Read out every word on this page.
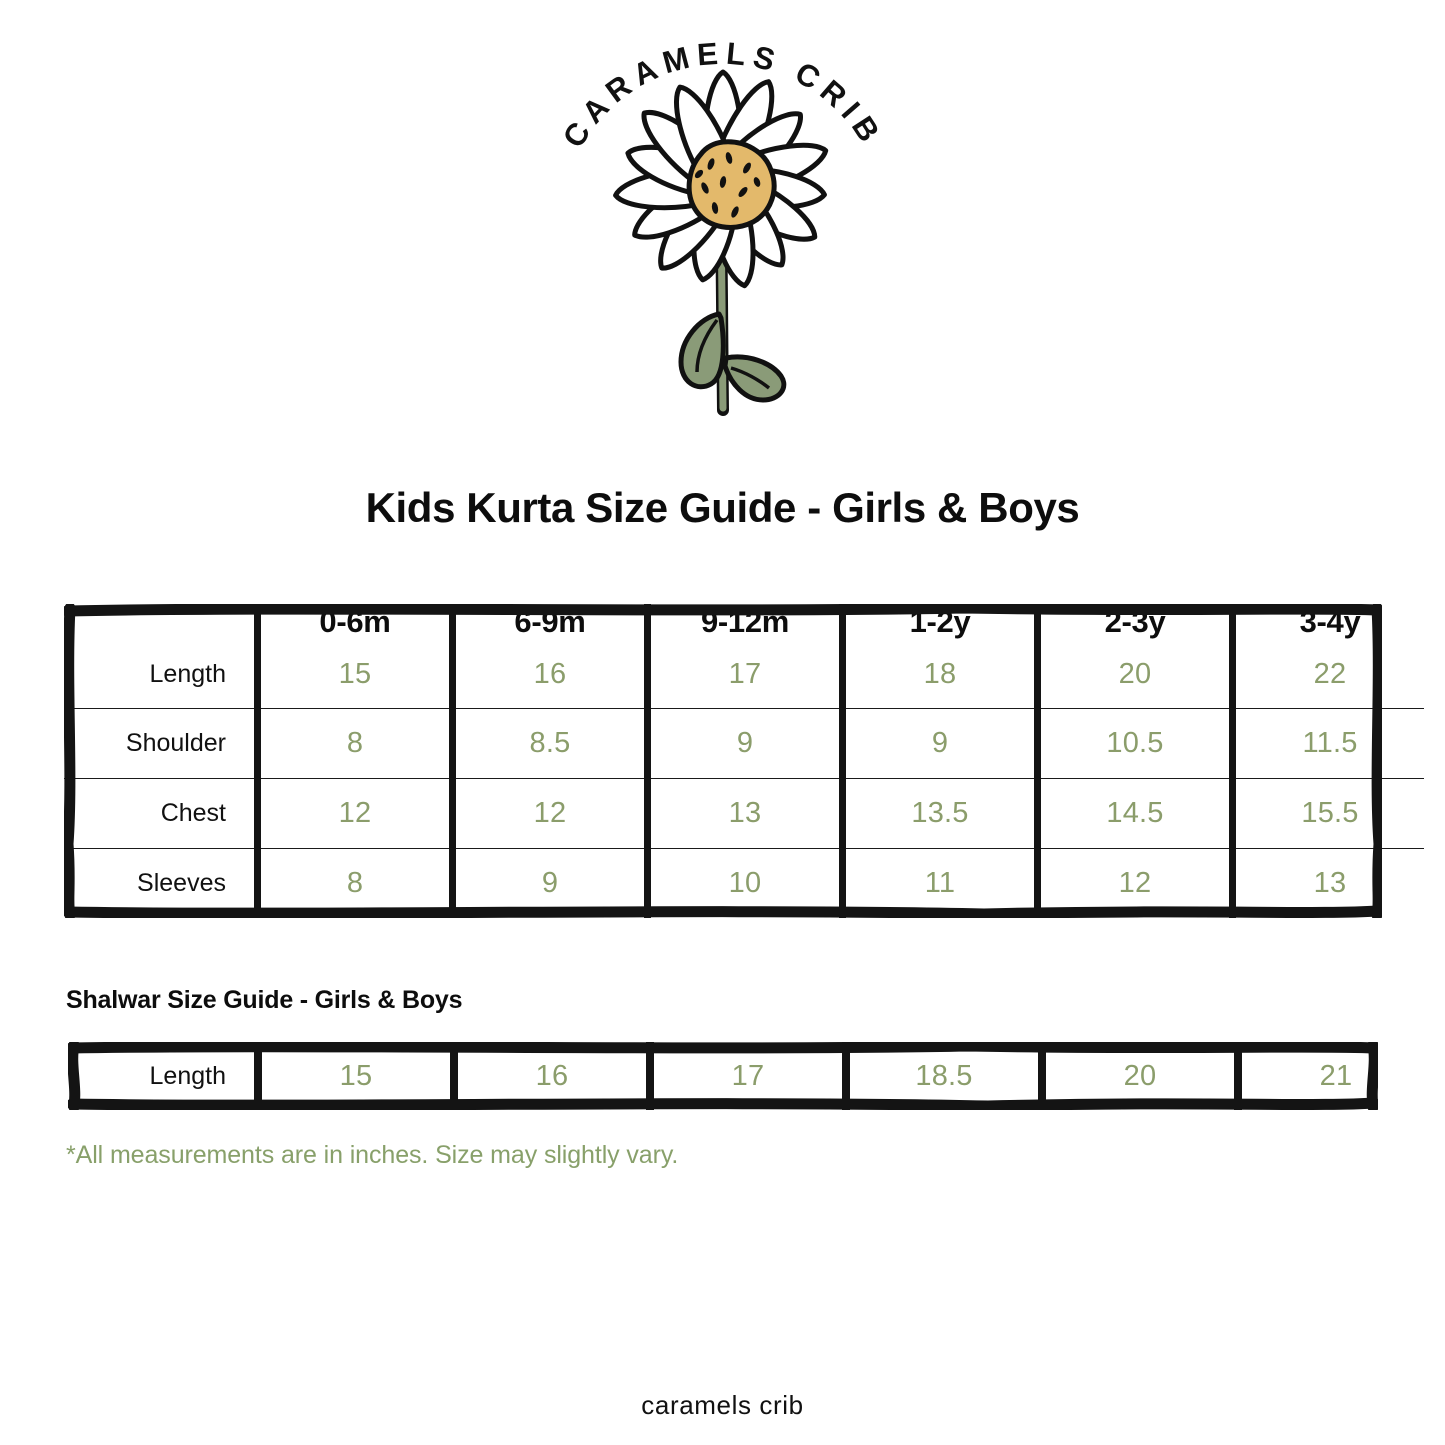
CARAMELS CRIB
Kids Kurta Size Guide - Girls & Boys
	0-6m	6-9m	9-12m	1-2y	2-3y	3-4y
Length	15	16	17	18	20	22
Shoulder	8	8.5	9	9	10.5	11.5
Chest	12	12	13	13.5	14.5	15.5
Sleeves	8	9	10	11	12	13
Shalwar Size Guide - Girls & Boys
Length	15	16	17	18.5	20	21
*All measurements are in inches. Size may slightly vary.
caramels crib
